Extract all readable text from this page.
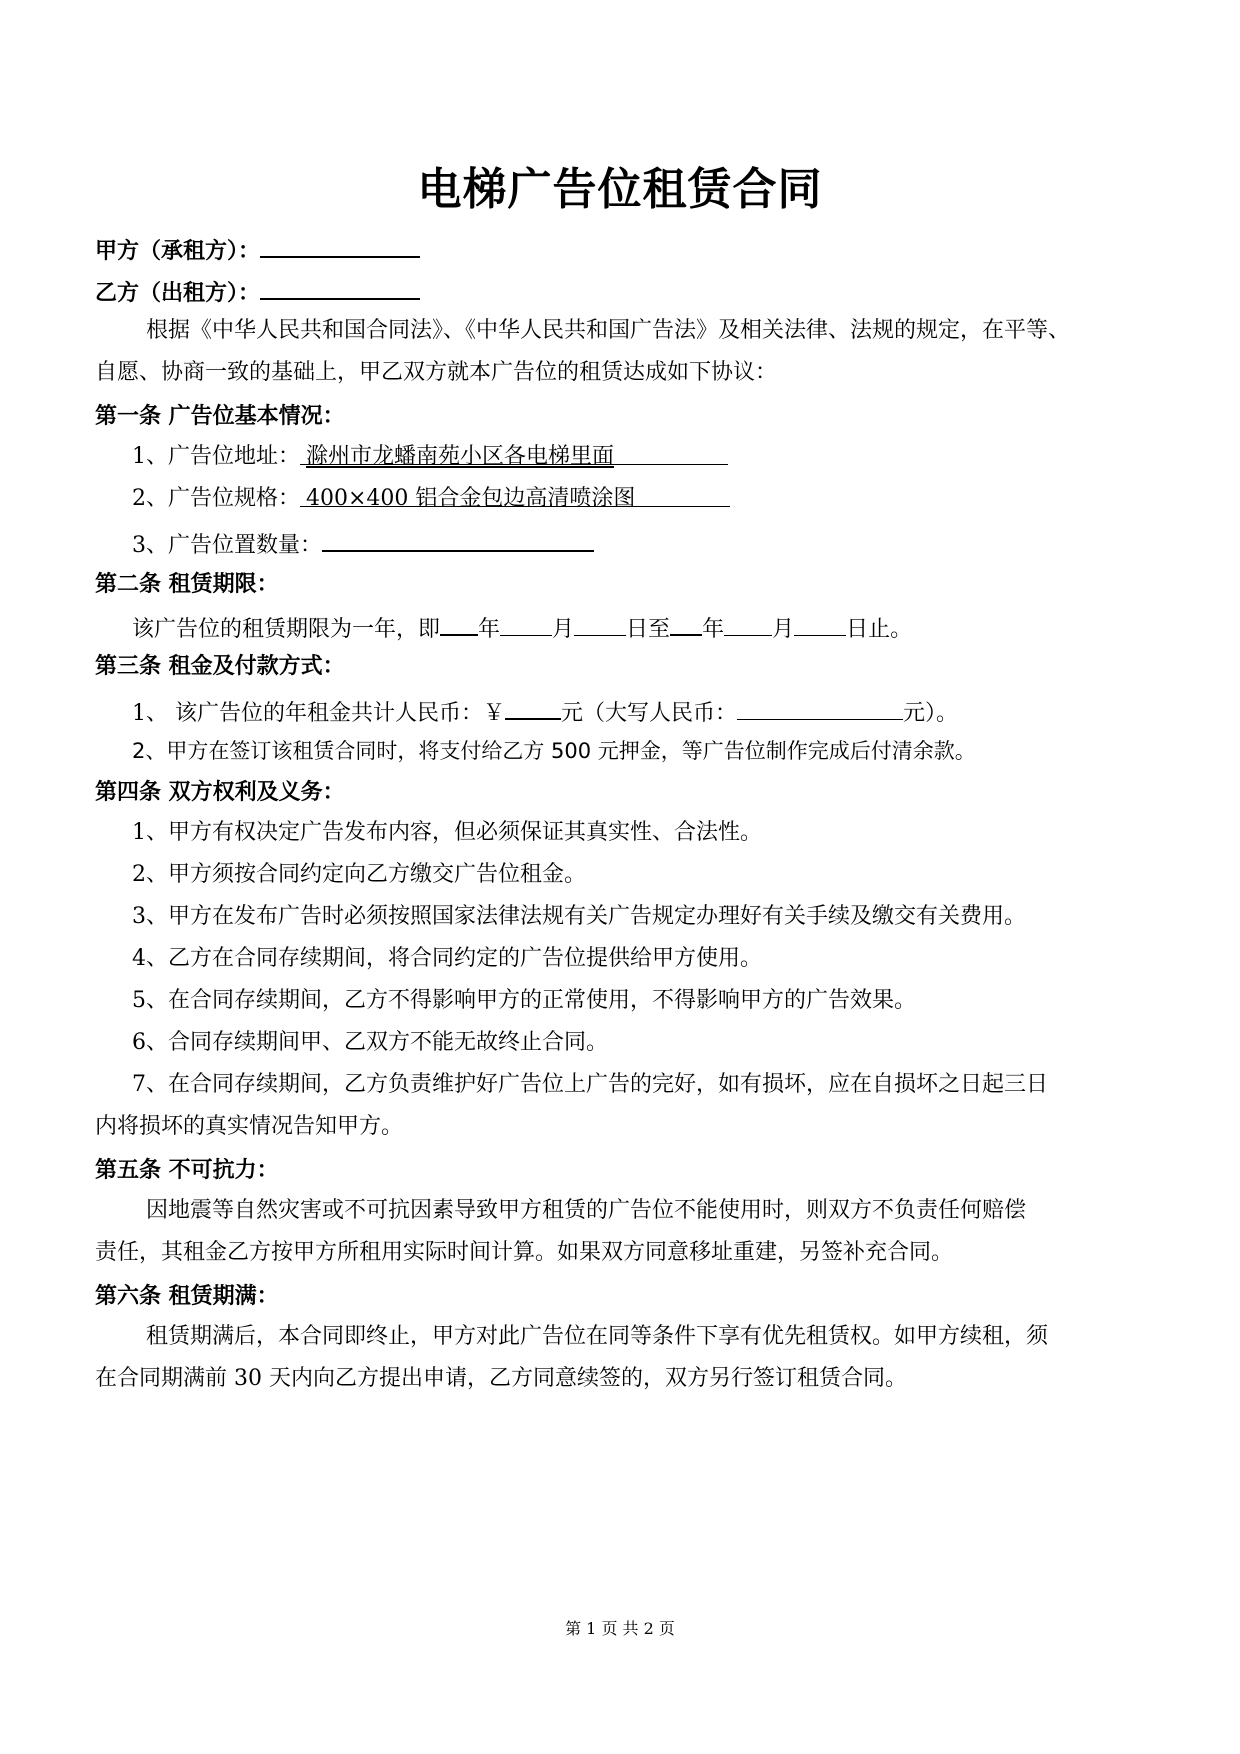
电梯广告位租赁合同
甲方（承租方）：
乙方（出租方）：
根据《中华人民共和国合同法》、《中华人民共和国广告法》及相关法律、法规的规定，在平等、
自愿、协商一致的基础上，甲乙双方就本广告位的租赁达成如下协议：
第一条 广告位基本情况：
1、广告位地址： 滁州市龙蟠南苑小区各电梯里面
2、广告位规格： 400×400 铝合金包边高清喷涂图
3、广告位置数量：
第二条 租赁期限：
该广告位的租赁期限为一年，即 年 月 日至 年 月 日止。
第三条 租金及付款方式：
1、 该广告位的年租金共计人民币：￥	元（大写人民币：	元）。
2、甲方在签订该租赁合同时，将支付给乙方 500 元押金，等广告位制作完成后付清余款。
第四条 双方权利及义务：
1、甲方有权决定广告发布内容，但必须保证其真实性、合法性。
2、甲方须按合同约定向乙方缴交广告位租金。
3、甲方在发布广告时必须按照国家法律法规有关广告规定办理好有关手续及缴交有关费用。
4、乙方在合同存续期间，将合同约定的广告位提供给甲方使用。
5、在合同存续期间，乙方不得影响甲方的正常使用，不得影响甲方的广告效果。
6、合同存续期间甲、乙双方不能无故终止合同。
7、在合同存续期间，乙方负责维护好广告位上广告的完好，如有损坏，应在自损坏之日起三日
内将损坏的真实情况告知甲方。
第五条 不可抗力：
因地震等自然灾害或不可抗因素导致甲方租赁的广告位不能使用时，则双方不负责任何赔偿
责任，其租金乙方按甲方所租用实际时间计算。如果双方同意移址重建，另签补充合同。
第六条 租赁期满：
租赁期满后，本合同即终止，甲方对此广告位在同等条件下享有优先租赁权。如甲方续租，须
在合同期满前 30 天内向乙方提出申请，乙方同意续签的，双方另行签订租赁合同。
第 1 页 共 2 页
